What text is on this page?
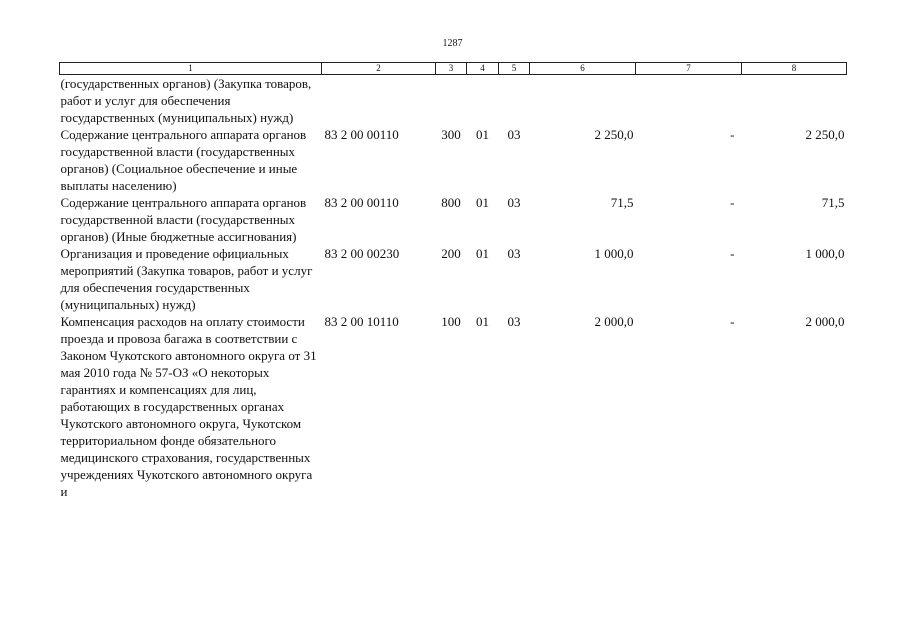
1287
1	2	3	4	5	6	7	8
(государственных органов) (Закупка товаров, работ и услуг для обеспечения государственных (муниципальных) нужд)							
Содержание центрального аппарата органов государственной власти (государственных органов) (Социальное обеспечение и иные выплаты населению)	83 2 00 00110	300	01	03	2 250,0	-	2 250,0
Содержание центрального аппарата органов государственной власти (государственных органов) (Иные бюджетные ассигнования)	83 2 00 00110	800	01	03	71,5	-	71,5
Организация и проведение официальных мероприятий (Закупка товаров, работ и услуг для обеспечения государственных (муниципальных) нужд)	83 2 00 00230	200	01	03	1 000,0	-	1 000,0
Компенсация расходов на оплату стоимости проезда и провоза багажа в соответствии с Законом Чукотского автономного округа от 31 мая 2010 года № 57-ОЗ «О некоторых гарантиях и компенсациях для лиц, работающих в государственных органах Чукотского автономного округа, Чукотском территориальном фонде обязательного медицинского страхования, государственных учреждениях Чукотского автономного округа и	83 2 00 10110	100	01	03	2 000,0	-	2 000,0
